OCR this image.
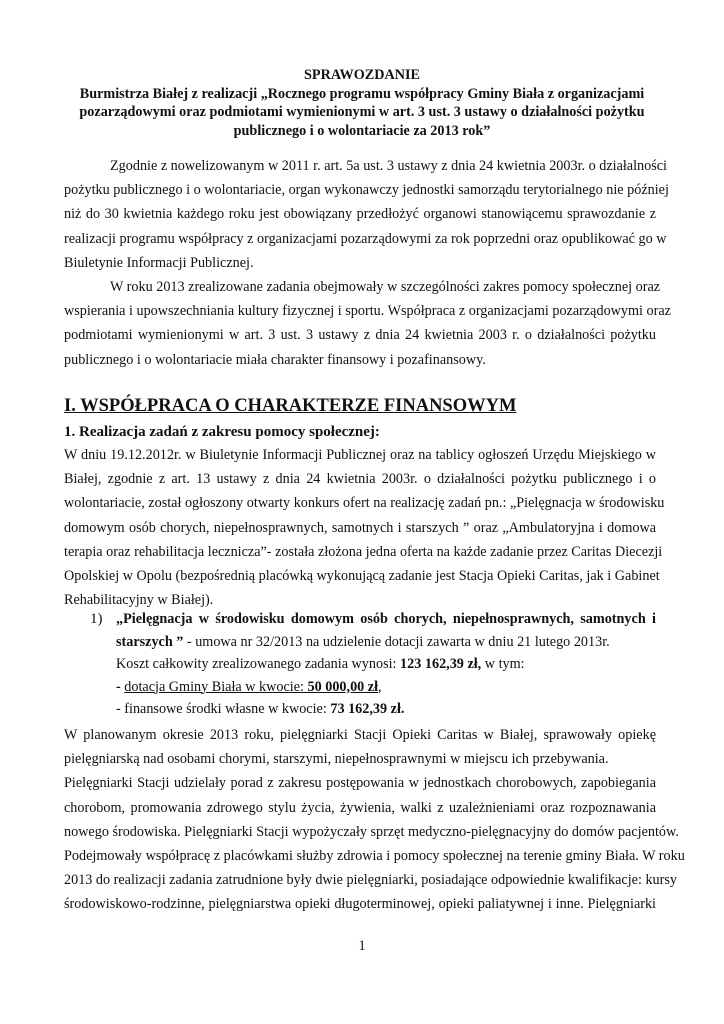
SPRAWOZDANIE
Burmistrza Białej z realizacji „Rocznego programu współpracy Gminy Biała z organizacjami
pozarządowymi oraz podmiotami wymienionymi w art. 3 ust. 3 ustawy o działalności pożytku
publicznego i o wolontariacie za 2013 rok”
Zgodnie z nowelizowanym w 2011 r. art. 5a ust. 3 ustawy z dnia 24 kwietnia 2003r. o działalności
pożytku publicznego i o wolontariacie, organ wykonawczy jednostki samorządu terytorialnego nie później
niż do 30 kwietnia każdego roku jest obowiązany przedłożyć organowi stanowiącemu sprawozdanie z
realizacji programu współpracy z organizacjami pozarządowymi za rok poprzedni oraz opublikować go w
Biuletynie Informacji Publicznej.
W roku 2013 zrealizowane zadania obejmowały w szczególności zakres pomocy społecznej oraz
wspierania i upowszechniania kultury fizycznej i sportu. Współpraca z organizacjami pozarządowymi oraz
podmiotami wymienionymi w art. 3 ust. 3 ustawy z dnia 24 kwietnia 2003 r. o działalności pożytku
publicznego i o wolontariacie miała charakter finansowy i pozafinansowy.
I. WSPÓŁPRACA O CHARAKTERZE FINANSOWYM
1. Realizacja zadań z zakresu pomocy społecznej:
W dniu 19.12.2012r. w Biuletynie Informacji Publicznej oraz na tablicy ogłoszeń Urzędu Miejskiego w
Białej, zgodnie z art. 13 ustawy z dnia 24 kwietnia 2003r. o działalności pożytku publicznego i o
wolontariacie, został ogłoszony otwarty konkurs ofert na realizację zadań pn.: „Pielęgnacja w środowisku
domowym osób chorych, niepełnosprawnych, samotnych i starszych ” oraz „Ambulatoryjna i domowa
terapia oraz rehabilitacja lecznicza”- została złożona jedna oferta na każde zadanie przez Caritas Diecezji
Opolskiej w Opolu (bezpośrednią placówką wykonującą zadanie jest Stacja Opieki Caritas, jak i Gabinet
Rehabilitacyjny w Białej).
1) „Pielęgnacja w środowisku domowym osób chorych, niepełnosprawnych, samotnych i
starszych ” - umowa nr 32/2013 na udzielenie dotacji zawarta w dniu 21 lutego 2013r.
Koszt całkowity zrealizowanego zadania wynosi: 123 162,39 zł, w tym:
- dotacja Gminy Biała w kwocie: 50 000,00 zł,
- finansowe środki własne w kwocie: 73 162,39 zł.
W planowanym okresie 2013 roku, pielęgniarki Stacji Opieki Caritas w Białej, sprawowały opiekę
pielęgniarską nad osobami chorymi, starszymi, niepełnosprawnymi w miejscu ich przebywania.
Pielęgniarki Stacji udzielały porad z zakresu postępowania w jednostkach chorobowych, zapobiegania
chorobom, promowania zdrowego stylu życia, żywienia, walki z uzależnieniami oraz rozpoznawania
nowego środowiska. Pielęgniarki Stacji wypożyczały sprzęt medyczno-pielęgnacyjny do domów pacjentów.
Podejmowały współpracę z placówkami służby zdrowia i pomocy społecznej na terenie gminy Biała. W roku
2013 do realizacji zadania zatrudnione były dwie pielęgniarki, posiadające odpowiednie kwalifikacje: kursy
środowiskowo-rodzinne, pielęgniarstwa opieki długoterminowej, opieki paliatywnej i inne. Pielęgniarki
1
